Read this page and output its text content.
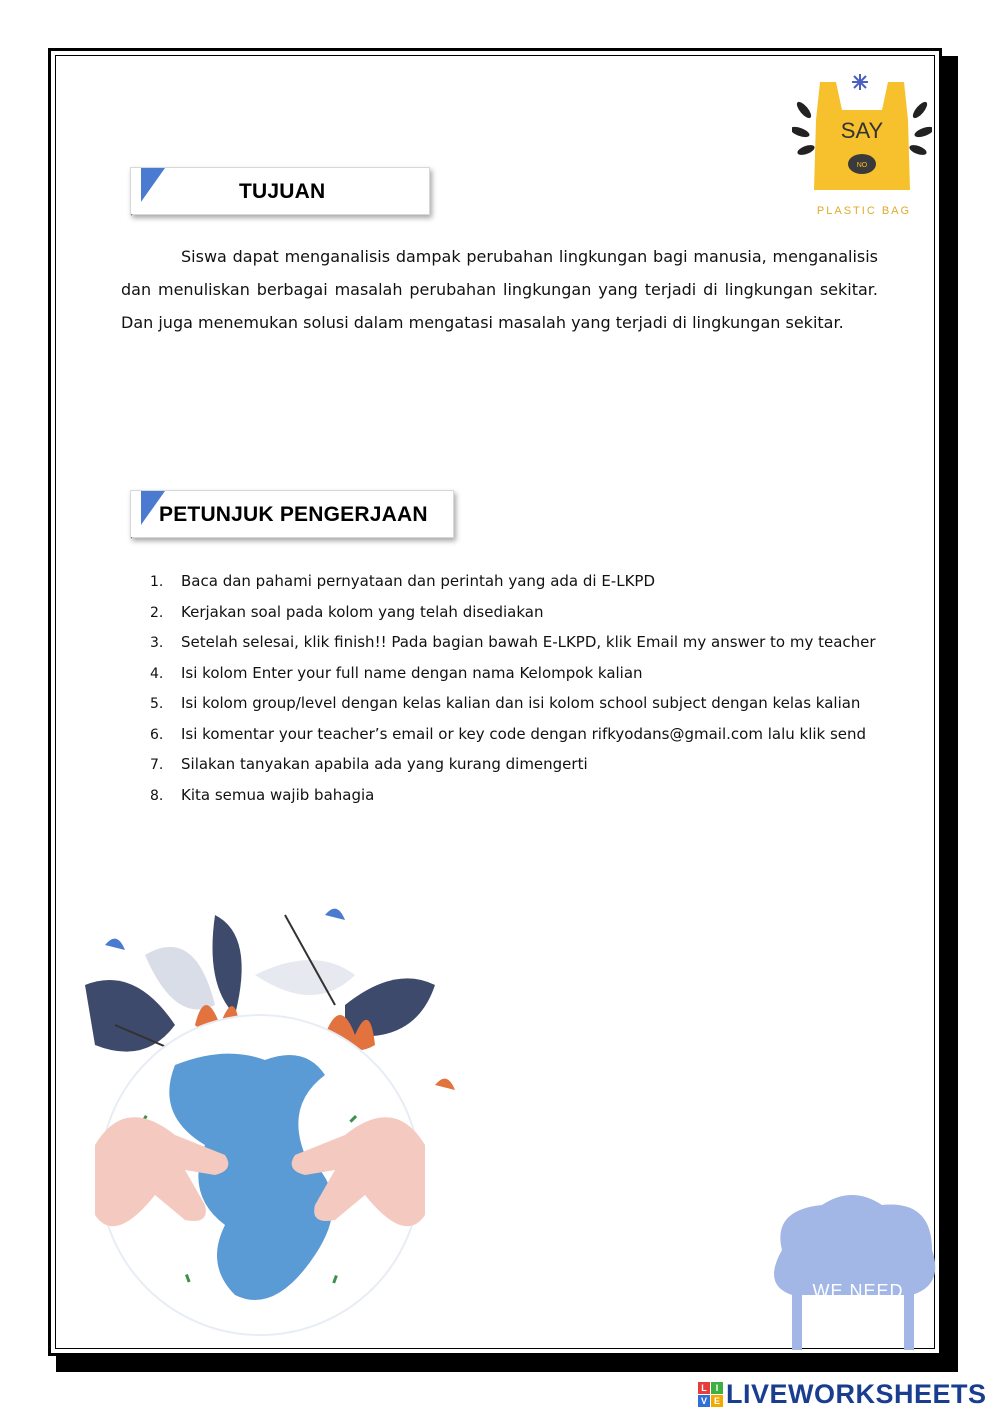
SAY
NO
PLASTIC BAG
TUJUAN
Siswa dapat menganalisis dampak perubahan lingkungan bagi manusia, menganalisis dan menuliskan berbagai masalah perubahan lingkungan yang terjadi di lingkungan sekitar. Dan juga menemukan solusi dalam mengatasi masalah yang terjadi di lingkungan sekitar.
PETUNJUK PENGERJAAN
1. Baca dan pahami pernyataan dan perintah yang ada di E-LKPD
2. Kerjakan soal pada kolom yang telah disediakan
3. Setelah selesai, klik finish!! Pada bagian bawah E-LKPD, klik Email my answer to my teacher
4. Isi kolom Enter your full name dengan nama Kelompok kalian
5. Isi kolom group/level dengan kelas kalian dan isi kolom school subject dengan kelas kalian
6. Isi komentar your teacher’s email or key code dengan rifkyodans@gmail.com lalu klik send
7. Silakan tanyakan apabila ada yang kurang dimengerti
8. Kita semua wajib bahagia
WE NEED
MORE
TREES
L I
V E LIVEWORKSHEETS
